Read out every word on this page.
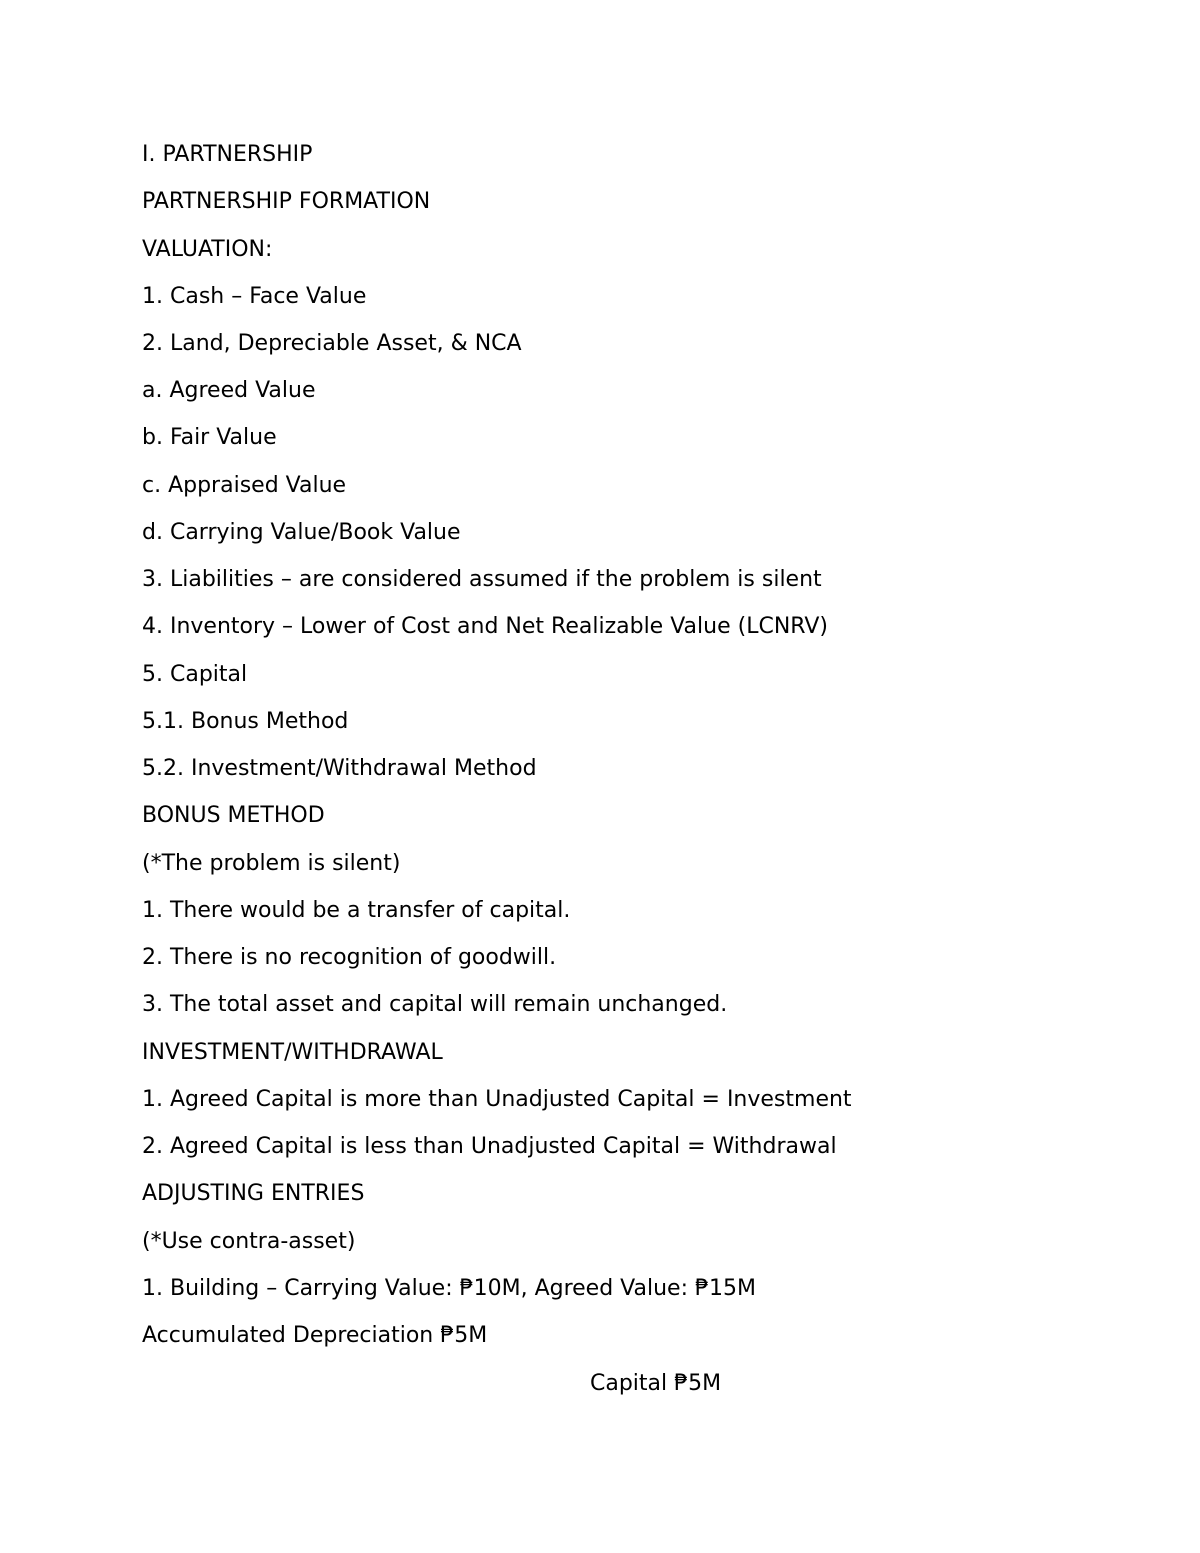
I. PARTNERSHIP

PARTNERSHIP FORMATION

VALUATION:

1. Cash – Face Value

2. Land, Depreciable Asset, & NCA

a. Agreed Value

b. Fair Value

c. Appraised Value

d. Carrying Value/Book Value

3. Liabilities – are considered assumed if the problem is silent

4. Inventory – Lower of Cost and Net Realizable Value (LCNRV)

5. Capital

5.1. Bonus Method

5.2. Investment/Withdrawal Method

BONUS METHOD

(*The problem is silent)

1. There would be a transfer of capital.

2. There is no recognition of goodwill.

3. The total asset and capital will remain unchanged.

INVESTMENT/WITHDRAWAL

1. Agreed Capital is more than Unadjusted Capital = Investment

2. Agreed Capital is less than Unadjusted Capital = Withdrawal

ADJUSTING ENTRIES

(*Use contra-asset)

1. Building – Carrying Value: ₱10M, Agreed Value: ₱15M

Accumulated Depreciation ₱5M

Capital ₱5M
